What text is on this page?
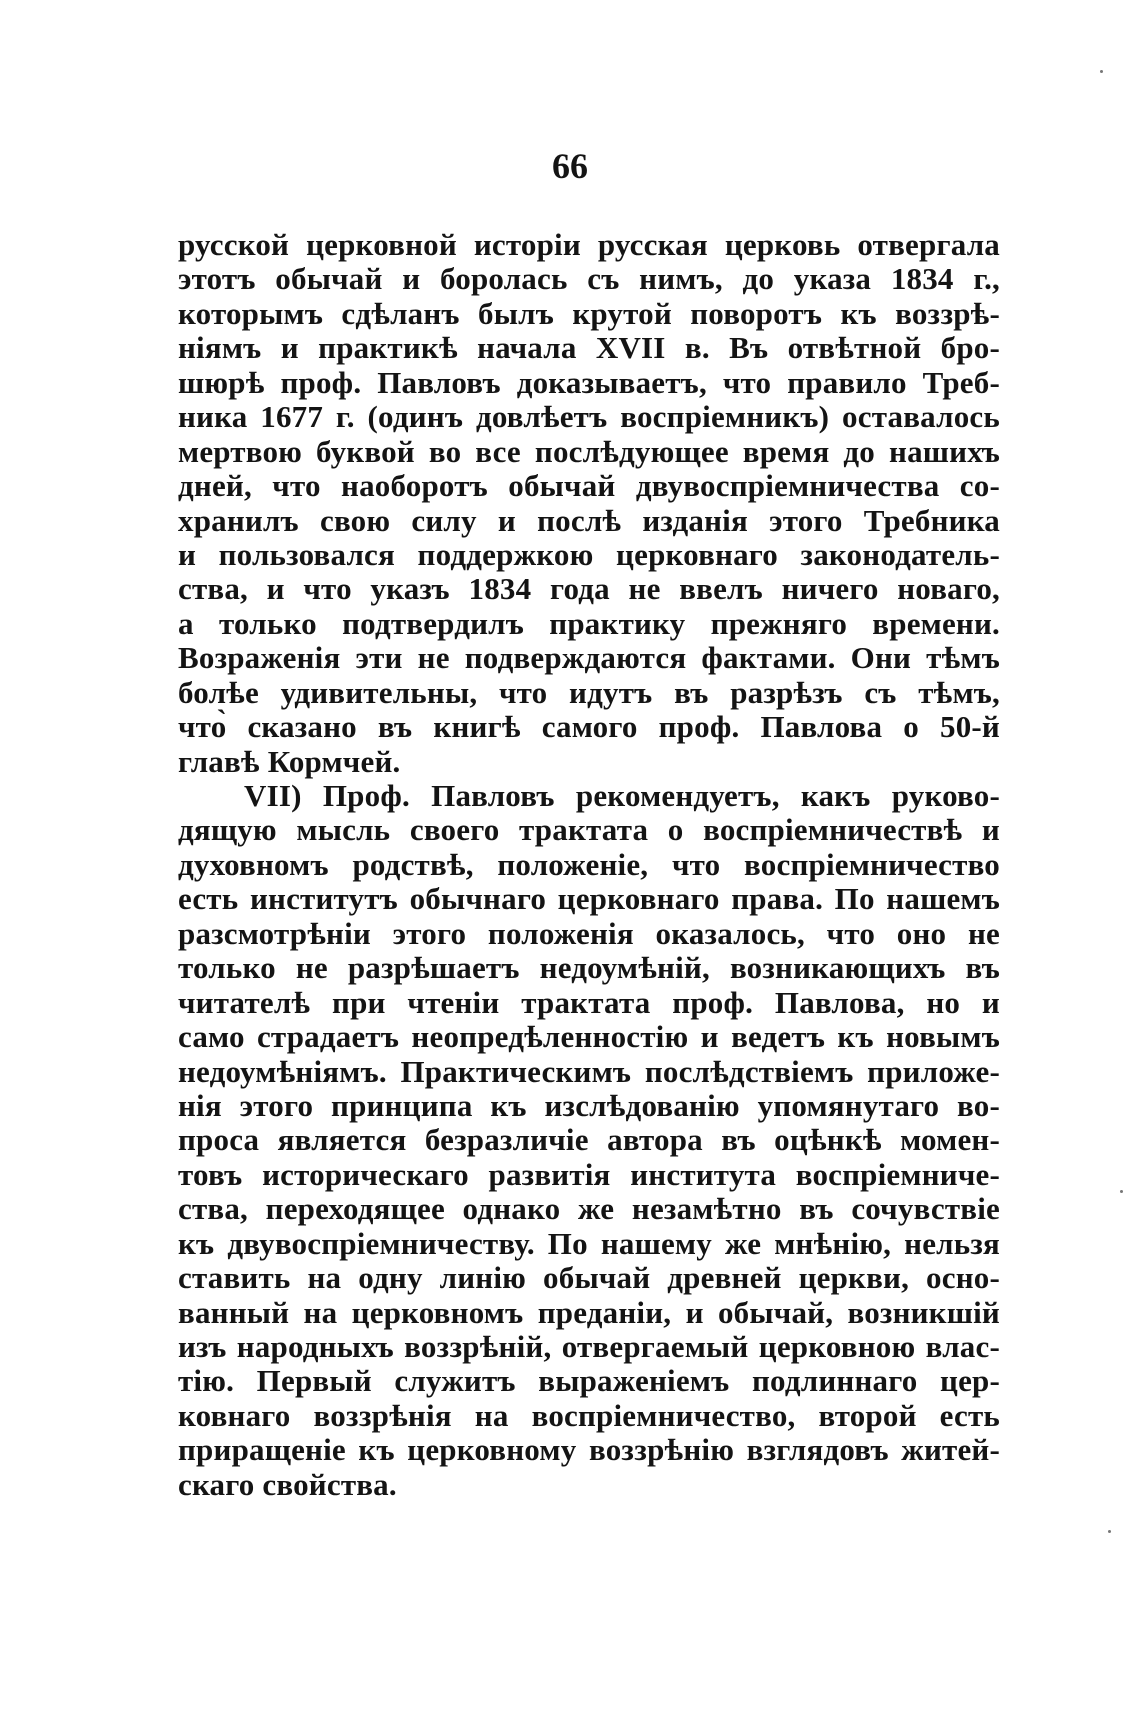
66
русской церковной исторіи русская церковь отвергала
этотъ обычай и боролась съ нимъ, до указа 1834 г.,
которымъ сдѣланъ былъ крутой поворотъ къ воззрѣ-
ніямъ и практикѣ начала XVII в. Въ отвѣтной бро-
шюрѣ проф. Павловъ доказываетъ, что правило Треб-
ника 1677 г. (одинъ довлѣетъ воспріемникъ) оставалось
мертвою буквой во все послѣдующее время до нашихъ
дней, что наоборотъ обычай двувоспріемничества со-
хранилъ свою силу и послѣ изданія этого Требника
и пользовался поддержкою церковнаго законодатель-
ства, и что указъ 1834 года не ввелъ ничего новаго,
а только подтвердилъ практику прежняго времени.
Возраженія эти не подверждаются фактами. Они тѣмъ
болѣе удивительны, что идутъ въ разрѣзъ съ тѣмъ,
что̀ сказано въ книгѣ самого проф. Павлова о 50-й
главѣ Кормчей.
VII) Проф. Павловъ рекомендуетъ, какъ руково-
дящую мысль своего трактата о воспріемничествѣ и
духовномъ родствѣ, положеніе, что воспріемничество
есть институтъ обычнаго церковнаго права. По нашемъ
разсмотрѣніи этого положенія оказалось, что оно не
только не разрѣшаетъ недоумѣній, возникающихъ въ
читателѣ при чтеніи трактата проф. Павлова, но и
само страдаетъ неопредѣленностію и ведетъ къ новымъ
недоумѣніямъ. Практическимъ послѣдствіемъ приложе-
нія этого принципа къ изслѣдованію упомянутаго во-
проса является безразличіе автора въ оцѣнкѣ момен-
товъ историческаго развитія института воспріемниче-
ства, переходящее однако же незамѣтно въ сочувствіе
къ двувоспріемничеству. По нашему же мнѣнію, нельзя
ставить на одну линію обычай древней церкви, осно-
ванный на церковномъ преданіи, и обычай, возникшій
изъ народныхъ воззрѣній, отвергаемый церковною влас-
тію. Первый служитъ выраженіемъ подлиннаго цер-
ковнаго воззрѣнія на воспріемничество, второй есть
приращеніе къ церковному воззрѣнію взглядовъ житей-
скаго свойства.
